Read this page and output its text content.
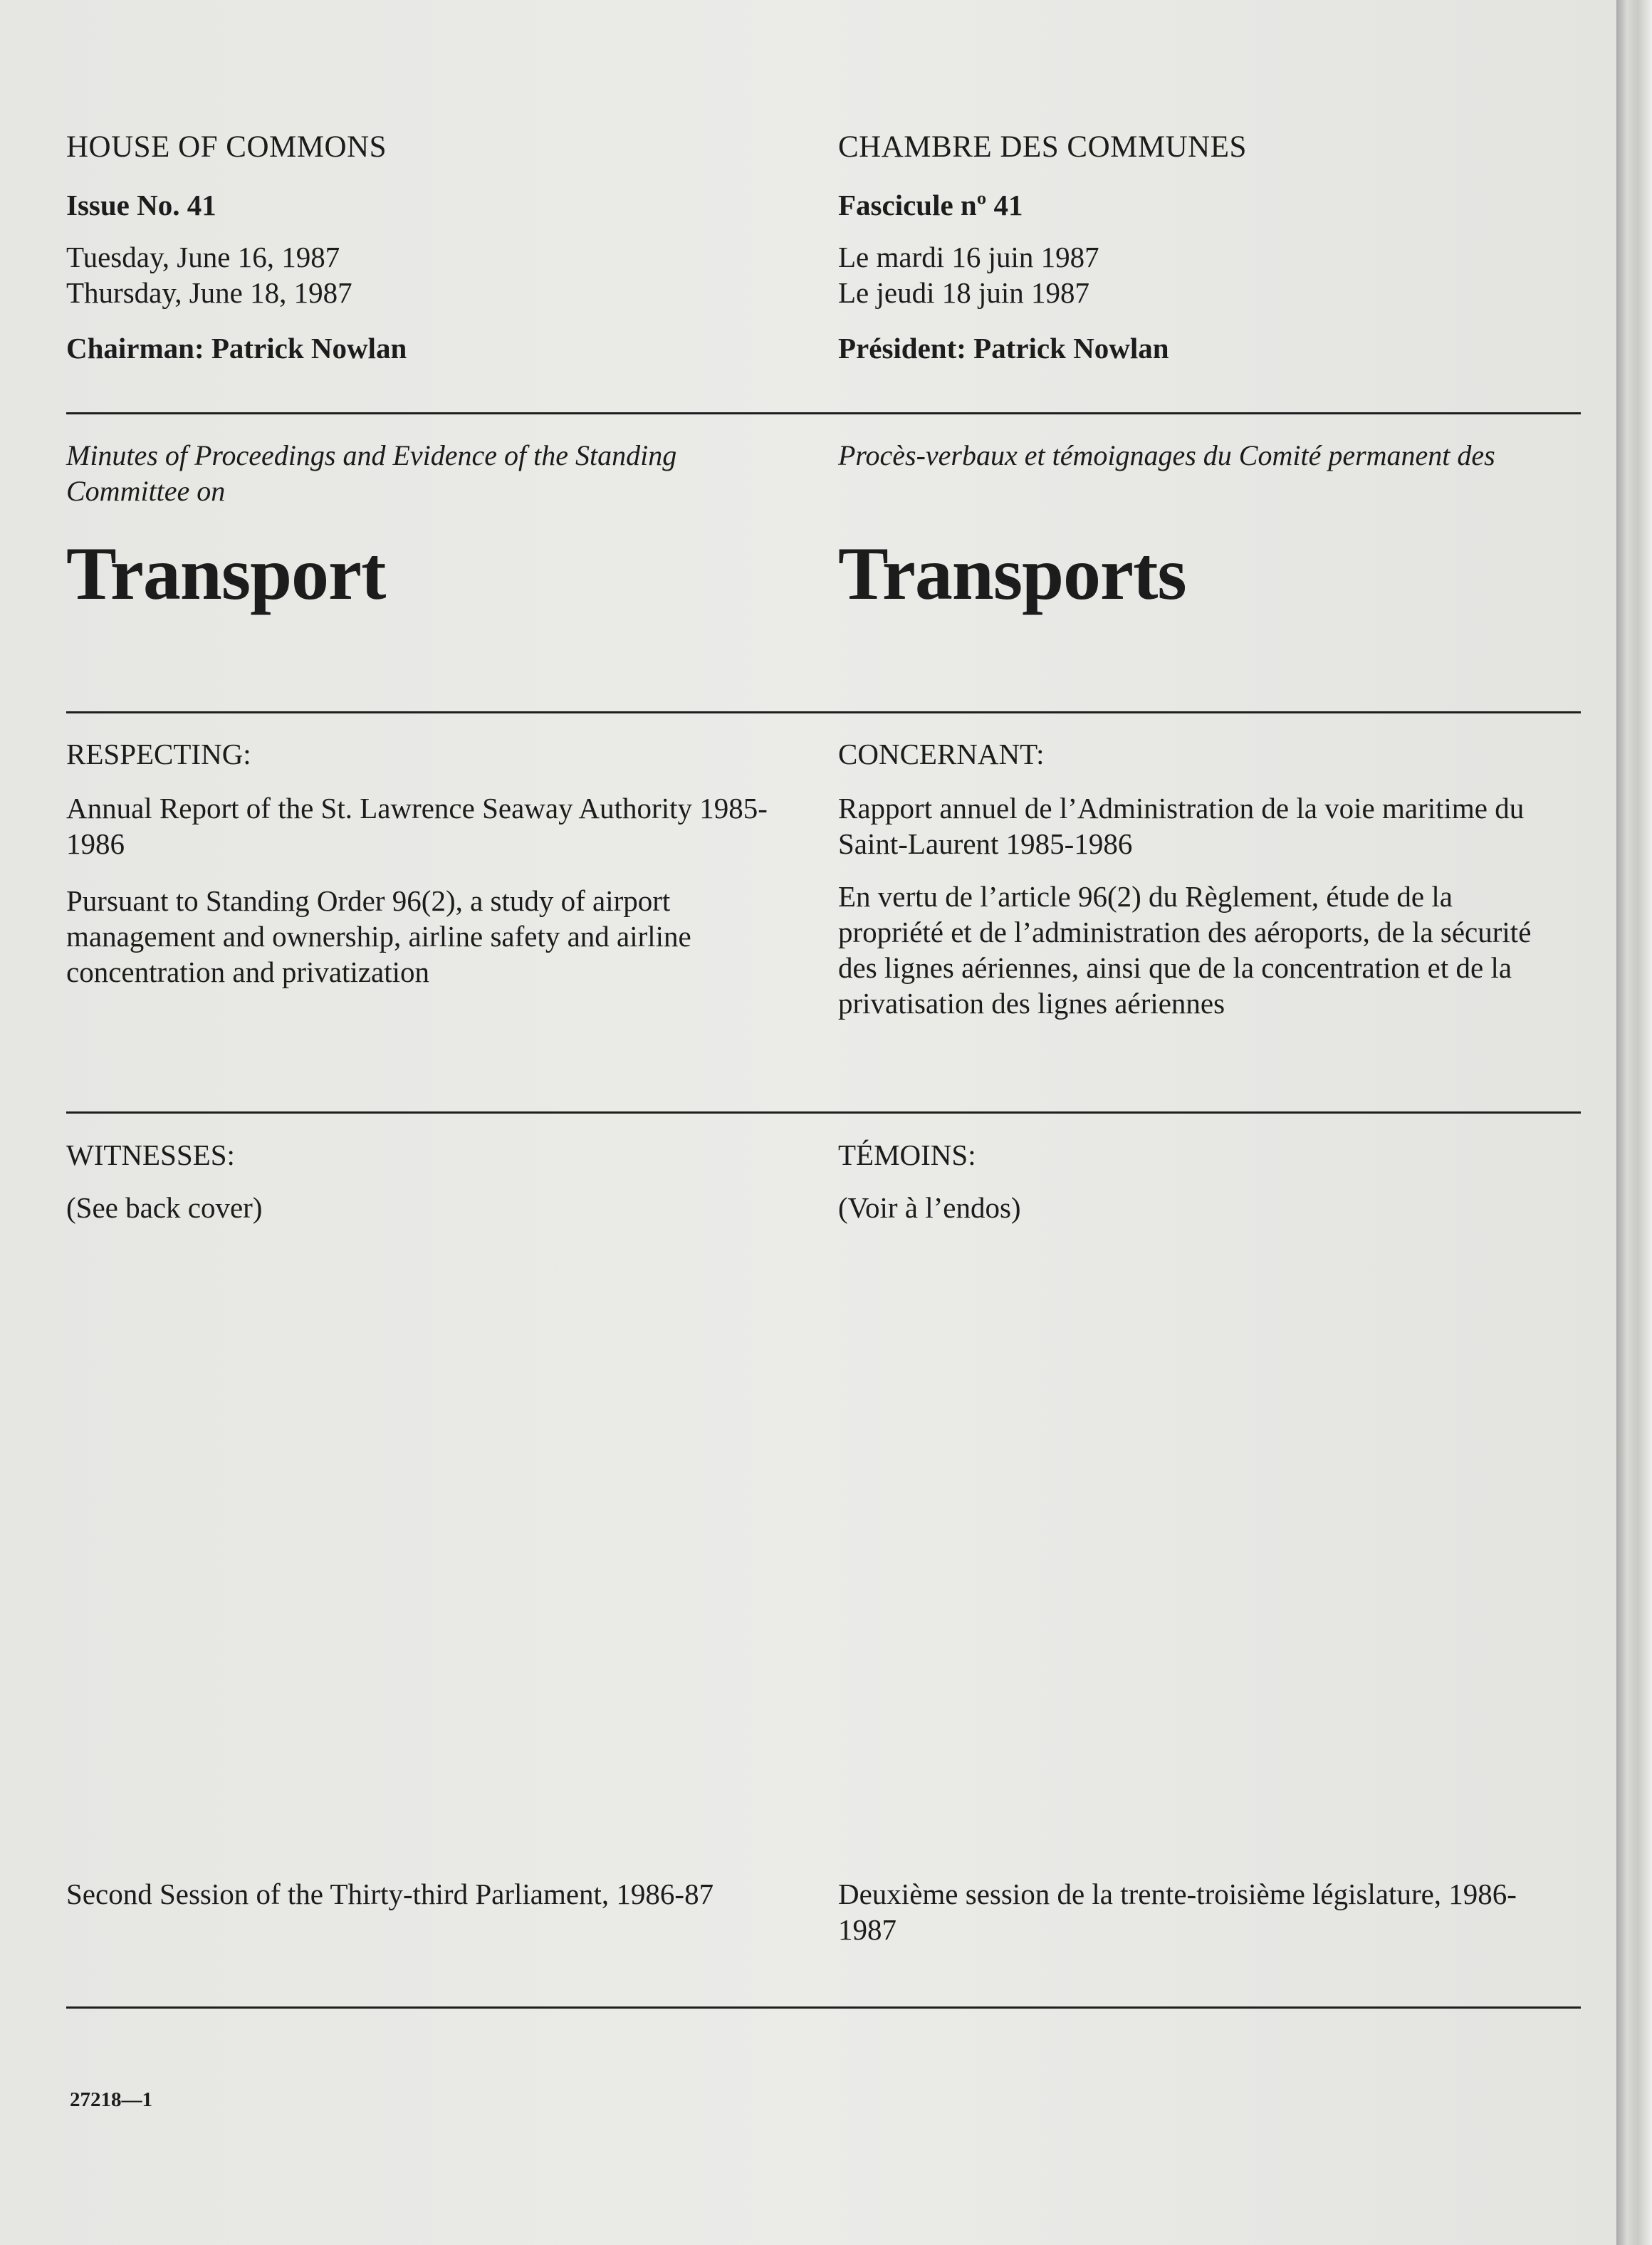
HOUSE OF COMMONS

Issue No. 41

Tuesday, June 16, 1987

Thursday, June 18, 1987

Chairman: Patrick Nowlan

Minutes of Proceedings and Evidence of the Standing Committee on

Transport

RESPECTING:

Annual Report of the St. Lawrence Seaway Authority 1985-1986

Pursuant to Standing Order 96(2), a study of airport management and ownership, airline safety and airline concentration and privatization

WITNESSES:

(See back cover)

Second Session of the Thirty-third Parliament, 1986-87

CHAMBRE DES COMMUNES

Fascicule nº 41

Le mardi 16 juin 1987

Le jeudi 18 juin 1987

Président: Patrick Nowlan

Procès-verbaux et témoignages du Comité permanent des

Transports

CONCERNANT:

Rapport annuel de l’Administration de la voie maritime du Saint-Laurent 1985-1986

En vertu de l’article 96(2) du Règlement, étude de la propriété et de l’administration des aéroports, de la sécurité des lignes aériennes, ainsi que de la concentration et de la privatisation des lignes aériennes

TÉMOINS:

(Voir à l’endos)

Deuxième session de la trente-troisième législature, 1986-1987

27218—1
